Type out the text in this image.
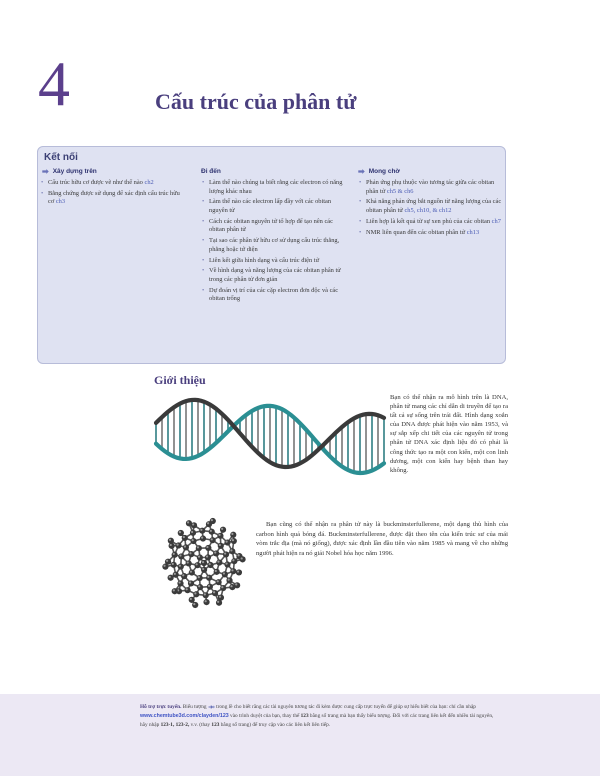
4	Cấu trúc của phân tử
Kết nối
➡ Xây dựng trên
• Cấu trúc hữu cơ được vẽ như thế nào ch2
• Bằng chứng được sử dụng để xác định cấu trúc hữu cơ ch3
Đi đến
• Làm thế nào chúng ta biết rằng các electron có năng lượng khác nhau
• Làm thế nào các electron lấp đầy với các obitan nguyên tử
• Cách các obitan nguyên tử tổ hợp để tạo nên các obitan phân tử
• Tại sao các phân tử hữu cơ sử dụng cấu trúc thẳng, phẳng hoặc tứ diện
• Liên kết giữa hình dạng và cấu trúc điện tử
• Về hình dạng và năng lượng của các obitan phân tử trong các phân tử đơn giản
• Dự đoán vị trí của các cặp electron đơn độc và các obitan trống
➡ Mong chờ
• Phản ứng phụ thuộc vào tương tác giữa các obitan phân tử ch5 & ch6
• Khả năng phản ứng bắt nguồn từ năng lượng của các obitan phân tử ch5, ch10, & ch12
• Liên hợp là kết quả từ sự xen phủ của các obitan ch7
• NMR liên quan đến các obitan phân tử ch13
Giới thiệu

Bạn có thể nhận ra mô hình trên là DNA, phân tử mang các chỉ dẫn di truyền để tạo ra tất cả sự sống trên trái đất. Hình dạng xoắn của DNA được phát hiện vào năm 1953, và sự sắp xếp chi tiết của các nguyên tử trong phân tử DNA xác định liệu đó có phải là công thức tạo ra một con kiến, một con linh dương, một con kiến hay bệnh than hay không.

Bạn cũng có thể nhận ra phân tử này là buckminsterfullerene, một dạng thù hình của carbon hình quả bóng đá. Buckminsterfullerene, được đặt theo tên của kiến trúc sư của mái vòm trắc địa (mà nó giống), được xác định lần đầu tiên vào năm 1985 và mang về cho những người phát hiện ra nó giải Nobel hóa học năm 1996.

Hỗ trợ trực tuyến. Biểu tượng  trong lề cho biết rằng các tài nguyên tương tác đi kèm được cung cấp trực tuyến để giúp sự hiểu biết của bạn: chỉ cần nhập www.chemtube3d.com/clayden/123 vào trình duyệt của bạn, thay thế 123 bằng số trang mà bạn thấy biểu tượng. Đối với các trang liên kết đến nhiều tài nguyên, hãy nhập 123-1, 123-2, v.v. (thay 123 bằng số trang) để truy cập vào các liên kết liên tiếp.
